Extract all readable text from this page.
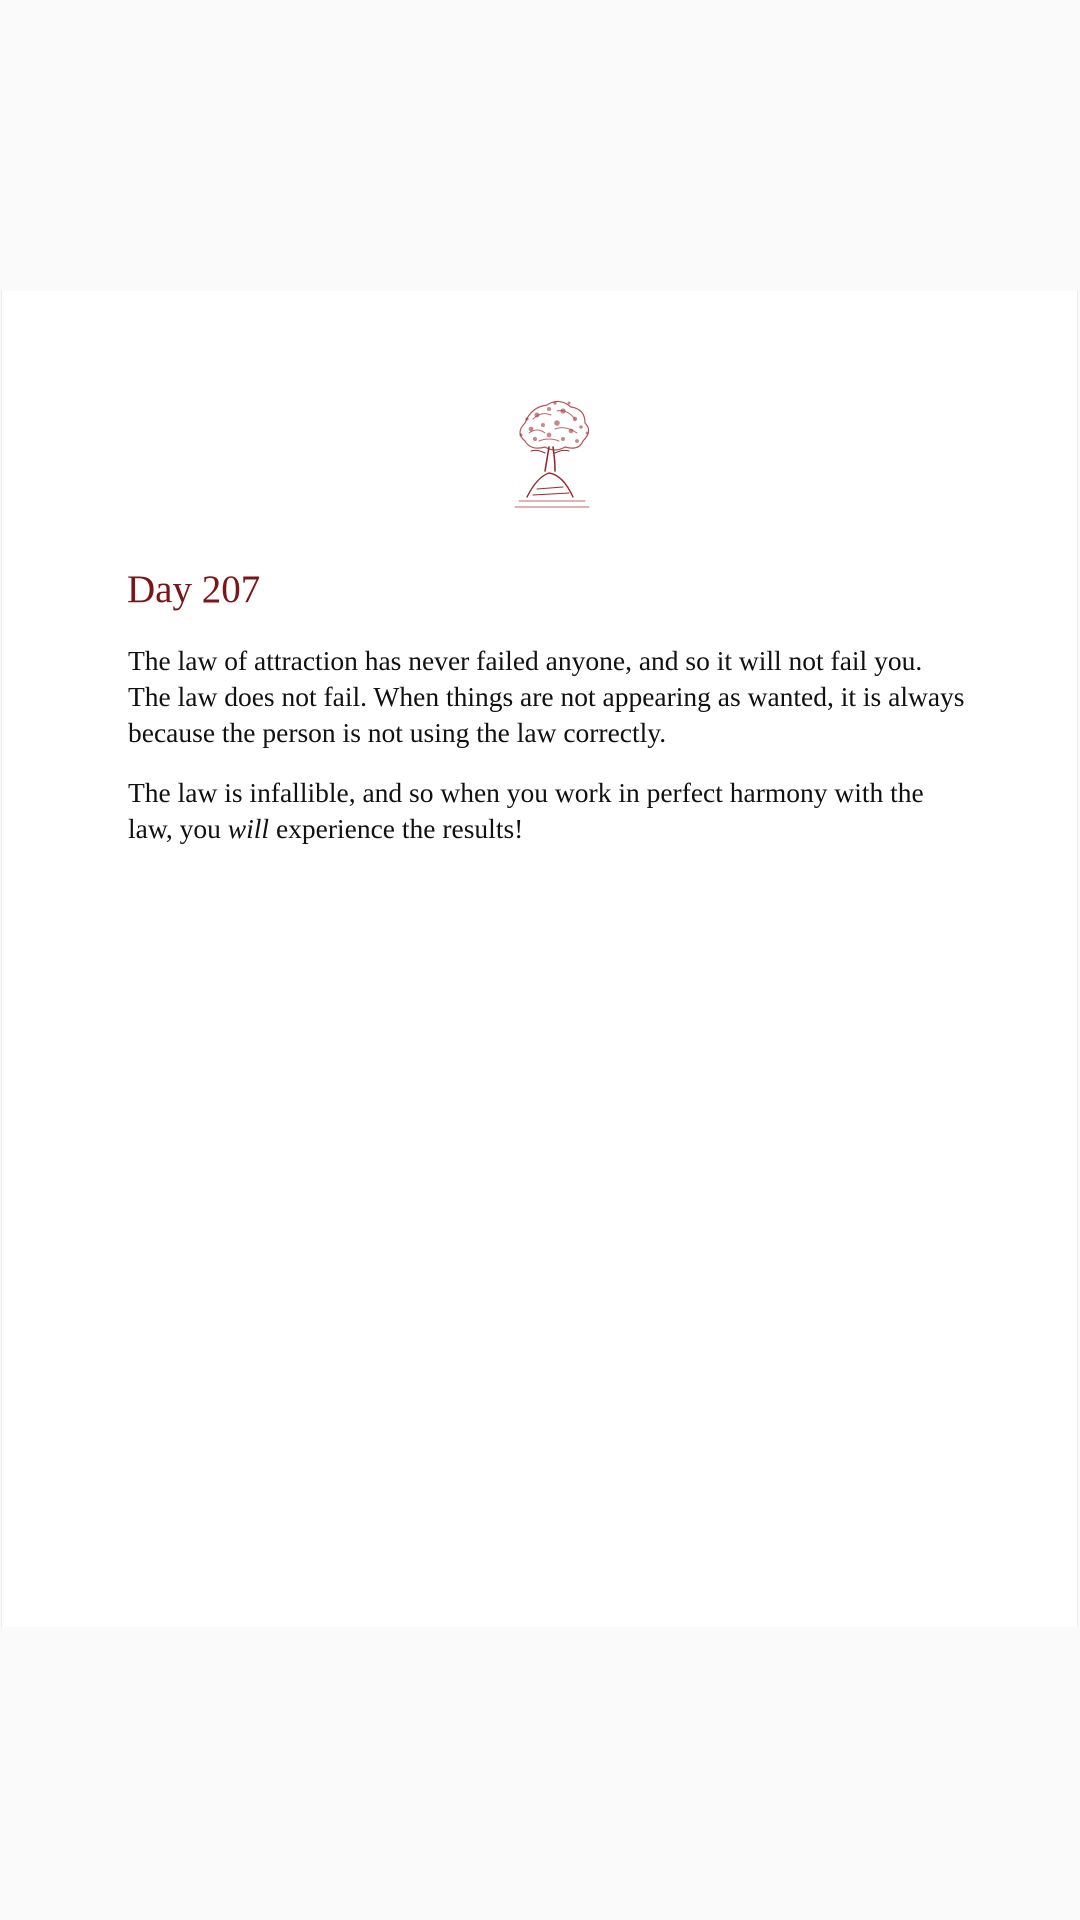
Day 207

The law of attraction has never failed anyone, and so it will not fail you. The law does not fail. When things are not appearing as wanted, it is always because the person is not using the law correctly.

The law is infallible, and so when you work in perfect harmony with the law, you will experience the results!
